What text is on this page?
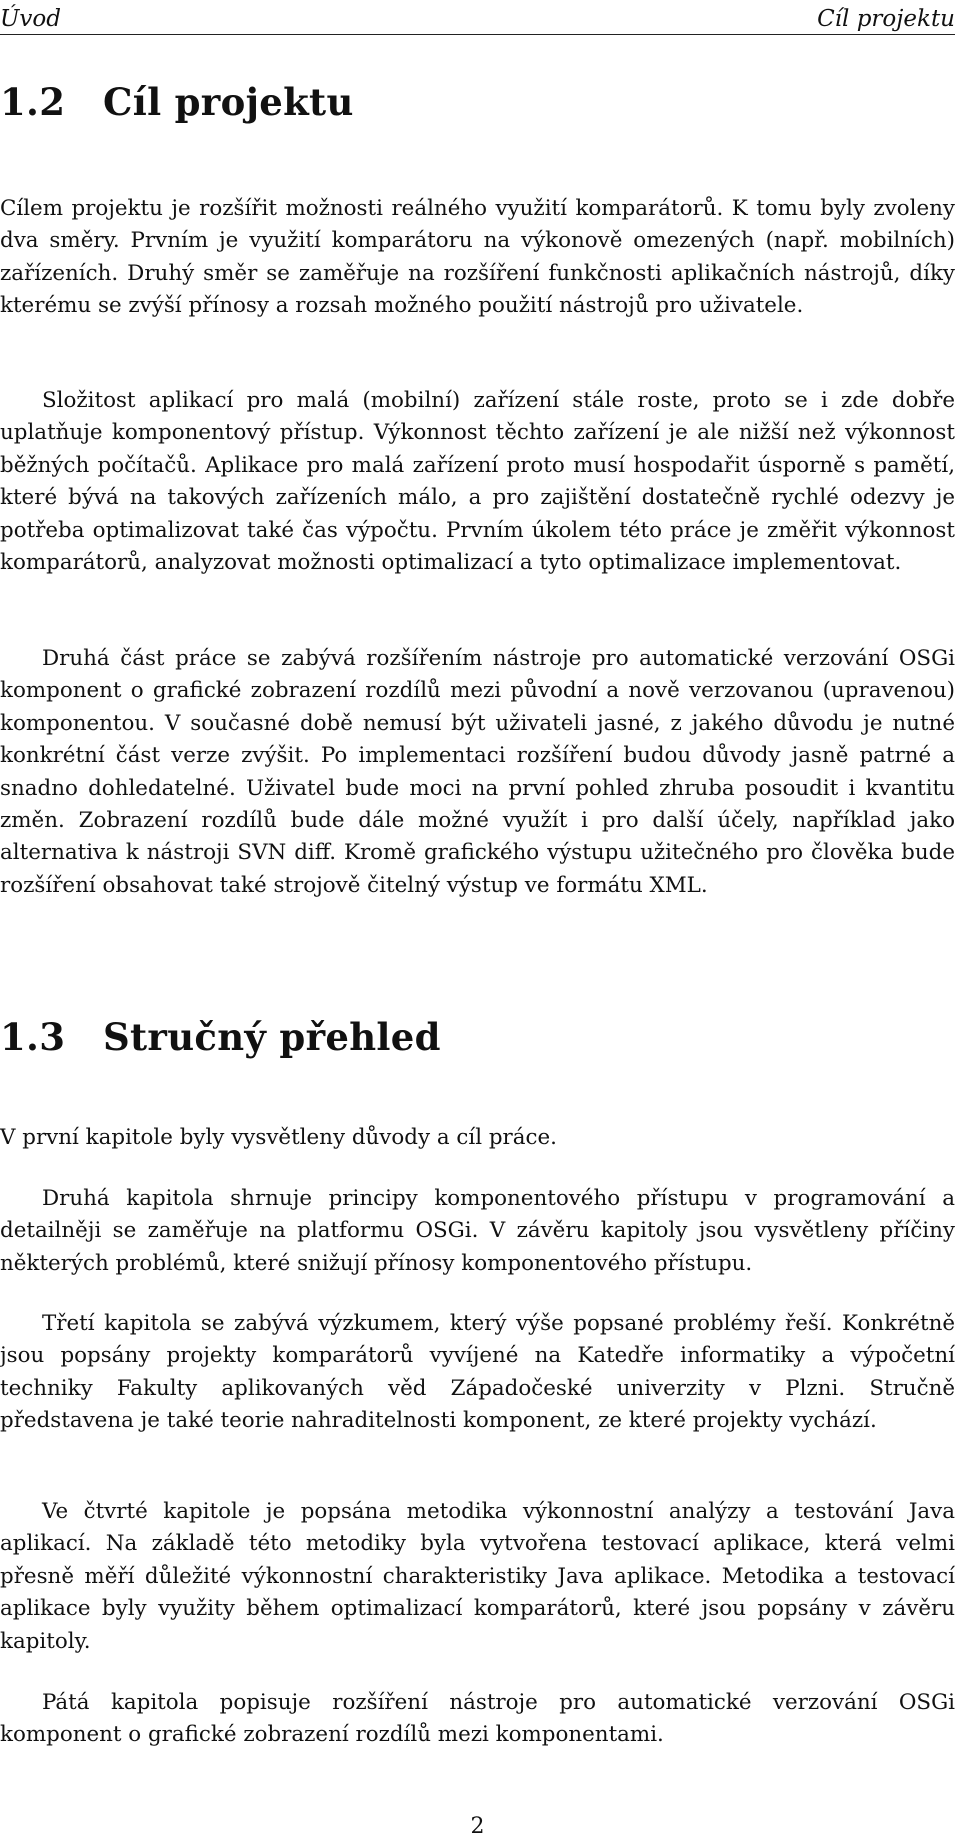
Úvod	Cíl projektu
1.2 Cíl projektu

Cílem projektu je rozšířit možnosti reálného využití komparátorů. K tomu byly zvoleny dva směry. Prvním je využití komparátoru na výkonově omezených (např. mobilních) zařízeních. Druhý směr se zaměřuje na rozšíření funkčnosti aplikačních nástrojů, díky kterému se zvýší přínosy a rozsah možného použití nástrojů pro uživatele.

Složitost aplikací pro malá (mobilní) zařízení stále roste, proto se i zde dobře uplatňuje komponentový přístup. Výkonnost těchto zařízení je ale nižší než výkonnost běžných počítačů. Aplikace pro malá zařízení proto musí hospodařit úsporně s pamětí, které bývá na takových zařízeních málo, a pro zajištění dostatečně rychlé odezvy je potřeba optimalizovat také čas výpočtu. Prvním úkolem této práce je změřit výkonnost komparátorů, analyzovat možnosti optimalizací a tyto optimalizace implementovat.

Druhá část práce se zabývá rozšířením nástroje pro automatické verzování OSGi komponent o grafické zobrazení rozdílů mezi původní a nově verzovanou (upravenou) komponentou. V současné době nemusí být uživateli jasné, z jakého důvodu je nutné konkrétní část verze zvýšit. Po implementaci rozšíření budou důvody jasně patrné a snadno dohledatelné. Uživatel bude moci na první pohled zhruba posoudit i kvantitu změn. Zobrazení rozdílů bude dále možné využít i pro další účely, například jako alternativa k nástroji SVN diff. Kromě grafického výstupu užitečného pro člověka bude rozšíření obsahovat také strojově čitelný výstup ve formátu XML.

1.3 Stručný přehled

V první kapitole byly vysvětleny důvody a cíl práce.

Druhá kapitola shrnuje principy komponentového přístupu v programování a detailněji se zaměřuje na platformu OSGi. V závěru kapitoly jsou vysvětleny příčiny některých problémů, které snižují přínosy komponentového přístupu.

Třetí kapitola se zabývá výzkumem, který výše popsané problémy řeší. Konkrétně jsou popsány projekty komparátorů vyvíjené na Katedře informatiky a výpočetní techniky Fakulty aplikovaných věd Západočeské univerzity v Plzni. Stručně představena je také teorie nahraditelnosti komponent, ze které projekty vychází.

Ve čtvrté kapitole je popsána metodika výkonnostní analýzy a testování Java aplikací. Na základě této metodiky byla vytvořena testovací aplikace, která velmi přesně měří důležité výkonnostní charakteristiky Java aplikace. Metodika a testovací aplikace byly využity během optimalizací komparátorů, které jsou popsány v závěru kapitoly.

Pátá kapitola popisuje rozšíření nástroje pro automatické verzování OSGi komponent o grafické zobrazení rozdílů mezi komponentami.

2
